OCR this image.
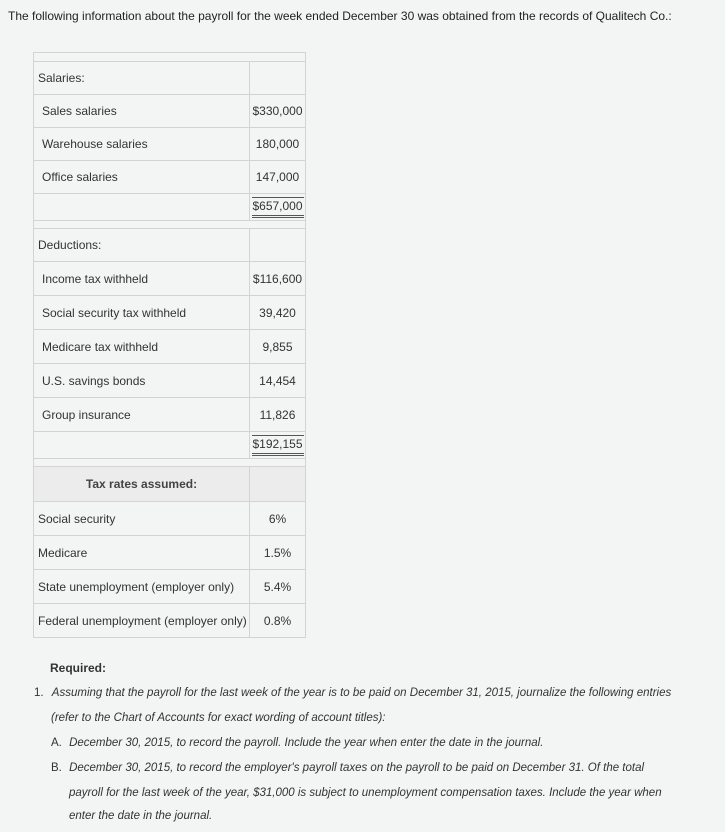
The following information about the payroll for the week ended December 30 was obtained from the records of Qualitech Co.:
Salaries:
Sales salaries	$330,000
Warehouse salaries	180,000
Office salaries	147,000
$657,000
Deductions:
Income tax withheld	$116,600
Social security tax withheld	39,420
Medicare tax withheld	9,855
U.S. savings bonds	14,454
Group insurance	11,826
$192,155
Tax rates assumed:
Social security	6%
Medicare	1.5%
State unemployment (employer only)	5.4%
Federal unemployment (employer only)	0.8%
Required:
1. Assuming that the payroll for the last week of the year is to be paid on December 31, 2015, journalize the following entries
(refer to the Chart of Accounts for exact wording of account titles):
A. December 30, 2015, to record the payroll. Include the year when enter the date in the journal.
B. December 30, 2015, to record the employer's payroll taxes on the payroll to be paid on December 31. Of the total
payroll for the last week of the year, $31,000 is subject to unemployment compensation taxes. Include the year when
enter the date in the journal.
